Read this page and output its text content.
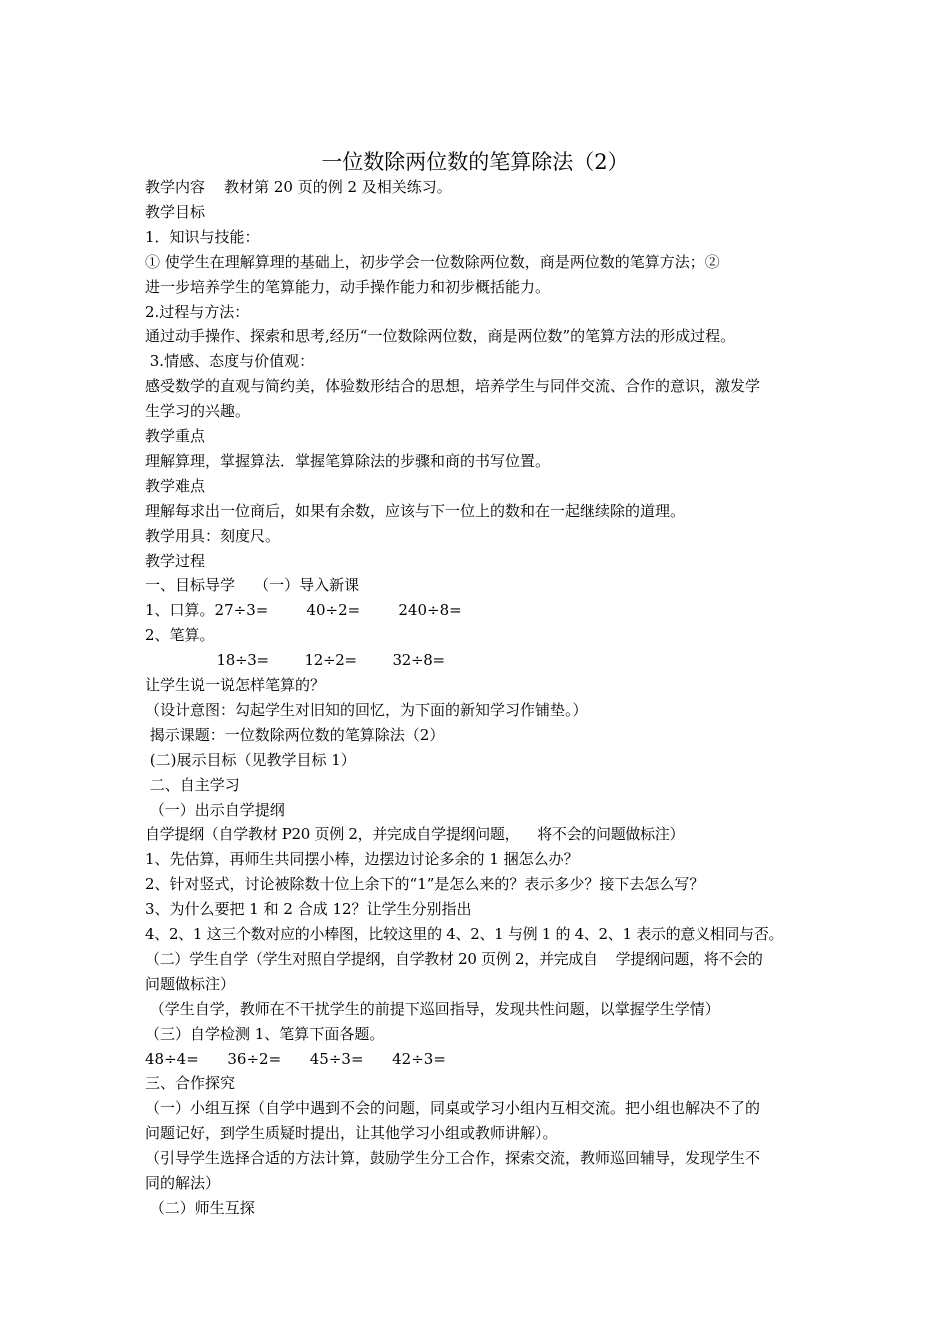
一位数除两位数的笔算除法（2）
教学内容    教材第 20 页的例 2 及相关练习。
教学目标
1．知识与技能：
① 使学生在理解算理的基础上，初步学会一位数除两位数，商是两位数的笔算方法；②
进一步培养学生的笔算能力，动手操作能力和初步概括能力。
2.过程与方法：
通过动手操作、探索和思考,经历“一位数除两位数，商是两位数”的笔算方法的形成过程。
3.情感、态度与价值观：
感受数学的直观与简约美，体验数形结合的思想，培养学生与同伴交流、合作的意识，激发学
生学习的兴趣。
教学重点
理解算理，掌握算法．掌握笔算除法的步骤和商的书写位置。
教学难点
理解每求出一位商后，如果有余数，应该与下一位上的数和在一起继续除的道理。
教学用具：刻度尺。
教学过程
一、目标导学    （一）导入新课
1、口算。27÷3=        40÷2=        240÷8=
2、笔算。
18÷3=        12÷2=        32÷8=
让学生说一说怎样笔算的？
（设计意图：勾起学生对旧知的回忆，为下面的新知学习作铺垫。）
揭示课题：一位数除两位数的笔算除法（2）
(二)展示目标（见教学目标 1）
二、自主学习
（一）出示自学提纲
自学提纲（自学教材 P20 页例 2，并完成自学提纲问题，    将不会的问题做标注）
1、先估算，再师生共同摆小棒，边摆边讨论多余的 1 捆怎么办？
2、针对竖式，讨论被除数十位上余下的“1”是怎么来的？表示多少？接下去怎么写？
3、为什么要把 1 和 2 合成 12？让学生分别指出
4、2、1 这三个数对应的小棒图，比较这里的 4、2、1 与例 1 的 4、2、1 表示的意义相同与否。
（二）学生自学（学生对照自学提纲，自学教材 20 页例 2，并完成自    学提纲问题，将不会的
问题做标注）
（学生自学，教师在不干扰学生的前提下巡回指导，发现共性问题，以掌握学生学情）
（三）自学检测 1、笔算下面各题。
48÷4=      36÷2=      45÷3=      42÷3=
三、合作探究
（一）小组互探（自学中遇到不会的问题，同桌或学习小组内互相交流。把小组也解决不了的
问题记好，到学生质疑时提出，让其他学习小组或教师讲解）。
（引导学生选择合适的方法计算，鼓励学生分工合作，探索交流，教师巡回辅导，发现学生不
同的解法）
（二）师生互探
